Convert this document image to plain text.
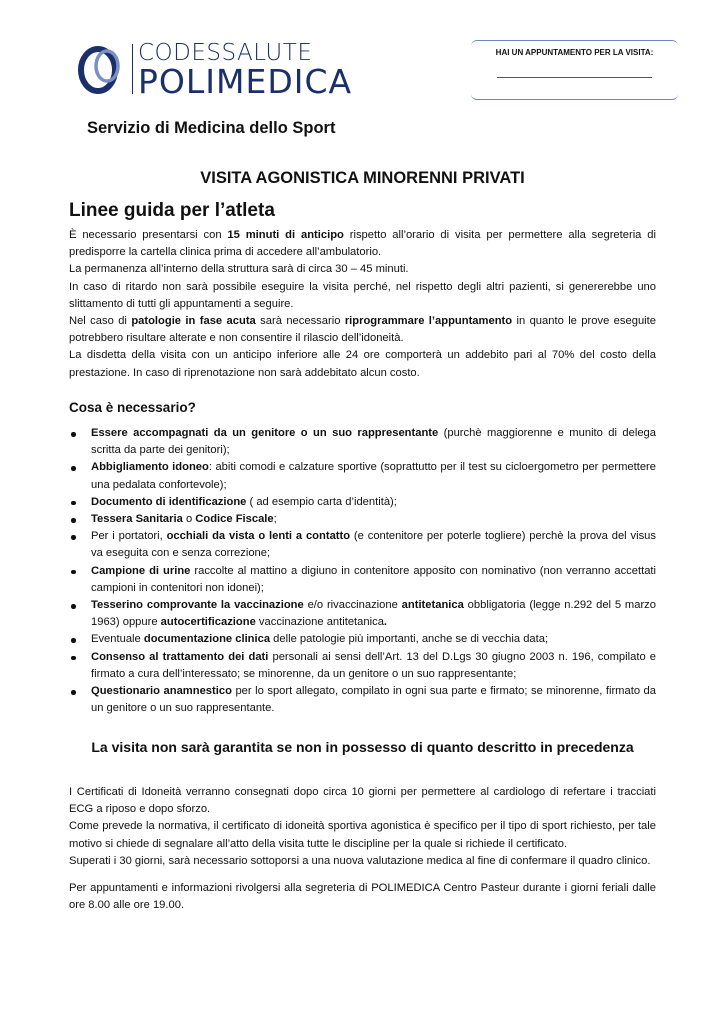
CODESSALUTE
POLIMEDICA
HAI UN APPUNTAMENTO PER LA VISITA:
Servizio di Medicina dello Sport
VISITA AGONISTICA MINORENNI PRIVATI
Linee guida per l’atleta

È necessario presentarsi con 15 minuti di anticipo rispetto all’orario di visita per permettere alla segreteria di predisporre la cartella clinica prima di accedere all’ambulatorio.

La permanenza all’interno della struttura sarà di circa 30 – 45 minuti.

In caso di ritardo non sarà possibile eseguire la visita perché, nel rispetto degli altri pazienti, si genererebbe uno slittamento di tutti gli appuntamenti a seguire.

Nel caso di patologie in fase acuta sarà necessario riprogrammare l’appuntamento in quanto le prove eseguite potrebbero risultare alterate e non consentire il rilascio dell’idoneità.

La disdetta della visita con un anticipo inferiore alle 24 ore comporterà un addebito pari al 70% del costo della prestazione. In caso di riprenotazione non sarà addebitato alcun costo.

Cosa è necessario?
Essere accompagnati da un genitore o un suo rappresentante (purchè maggiorenne e munito di delega scritta da parte dei genitori);
Abbigliamento idoneo: abiti comodi e calzature sportive (soprattutto per il test su cicloergometro per permettere una pedalata confortevole);
Documento di identificazione ( ad esempio carta d’identità);
Tessera Sanitaria o Codice Fiscale;
Per i portatori, occhiali da vista o lenti a contatto (e contenitore per poterle togliere) perchè la prova del visus va eseguita con e senza correzione;
Campione di urine raccolte al mattino a digiuno in contenitore apposito con nominativo (non verranno accettati campioni in contenitori non idonei);
Tesserino comprovante la vaccinazione e/o rivaccinazione antitetanica obbligatoria (legge n.292 del 5 marzo 1963) oppure autocertificazione vaccinazione antitetanica.
Eventuale documentazione clinica delle patologie più importanti, anche se di vecchia data;
Consenso al trattamento dei dati personali ai sensi dell’Art. 13 del D.Lgs 30 giugno 2003 n. 196, compilato e firmato a cura dell’interessato; se minorenne, da un genitore o un suo rappresentante;
Questionario anamnestico per lo sport allegato, compilato in ogni sua parte e firmato; se minorenne, firmato da un genitore o un suo rappresentante.
La visita non sarà garantita se non in possesso di quanto descritto in precedenza

I Certificati di Idoneità verranno consegnati dopo circa 10 giorni per permettere al cardiologo di refertare i tracciati ECG a riposo e dopo sforzo.

Come prevede la normativa, il certificato di idoneità sportiva agonistica è specifico per il tipo di sport richiesto, per tale motivo si chiede di segnalare all’atto della visita tutte le discipline per la quale si richiede il certificato.

Superati i 30 giorni, sarà necessario sottoporsi a una nuova valutazione medica al fine di confermare il quadro clinico.

Per appuntamenti e informazioni rivolgersi alla segreteria di POLIMEDICA Centro Pasteur durante i giorni feriali dalle ore 8.00 alle ore 19.00.
